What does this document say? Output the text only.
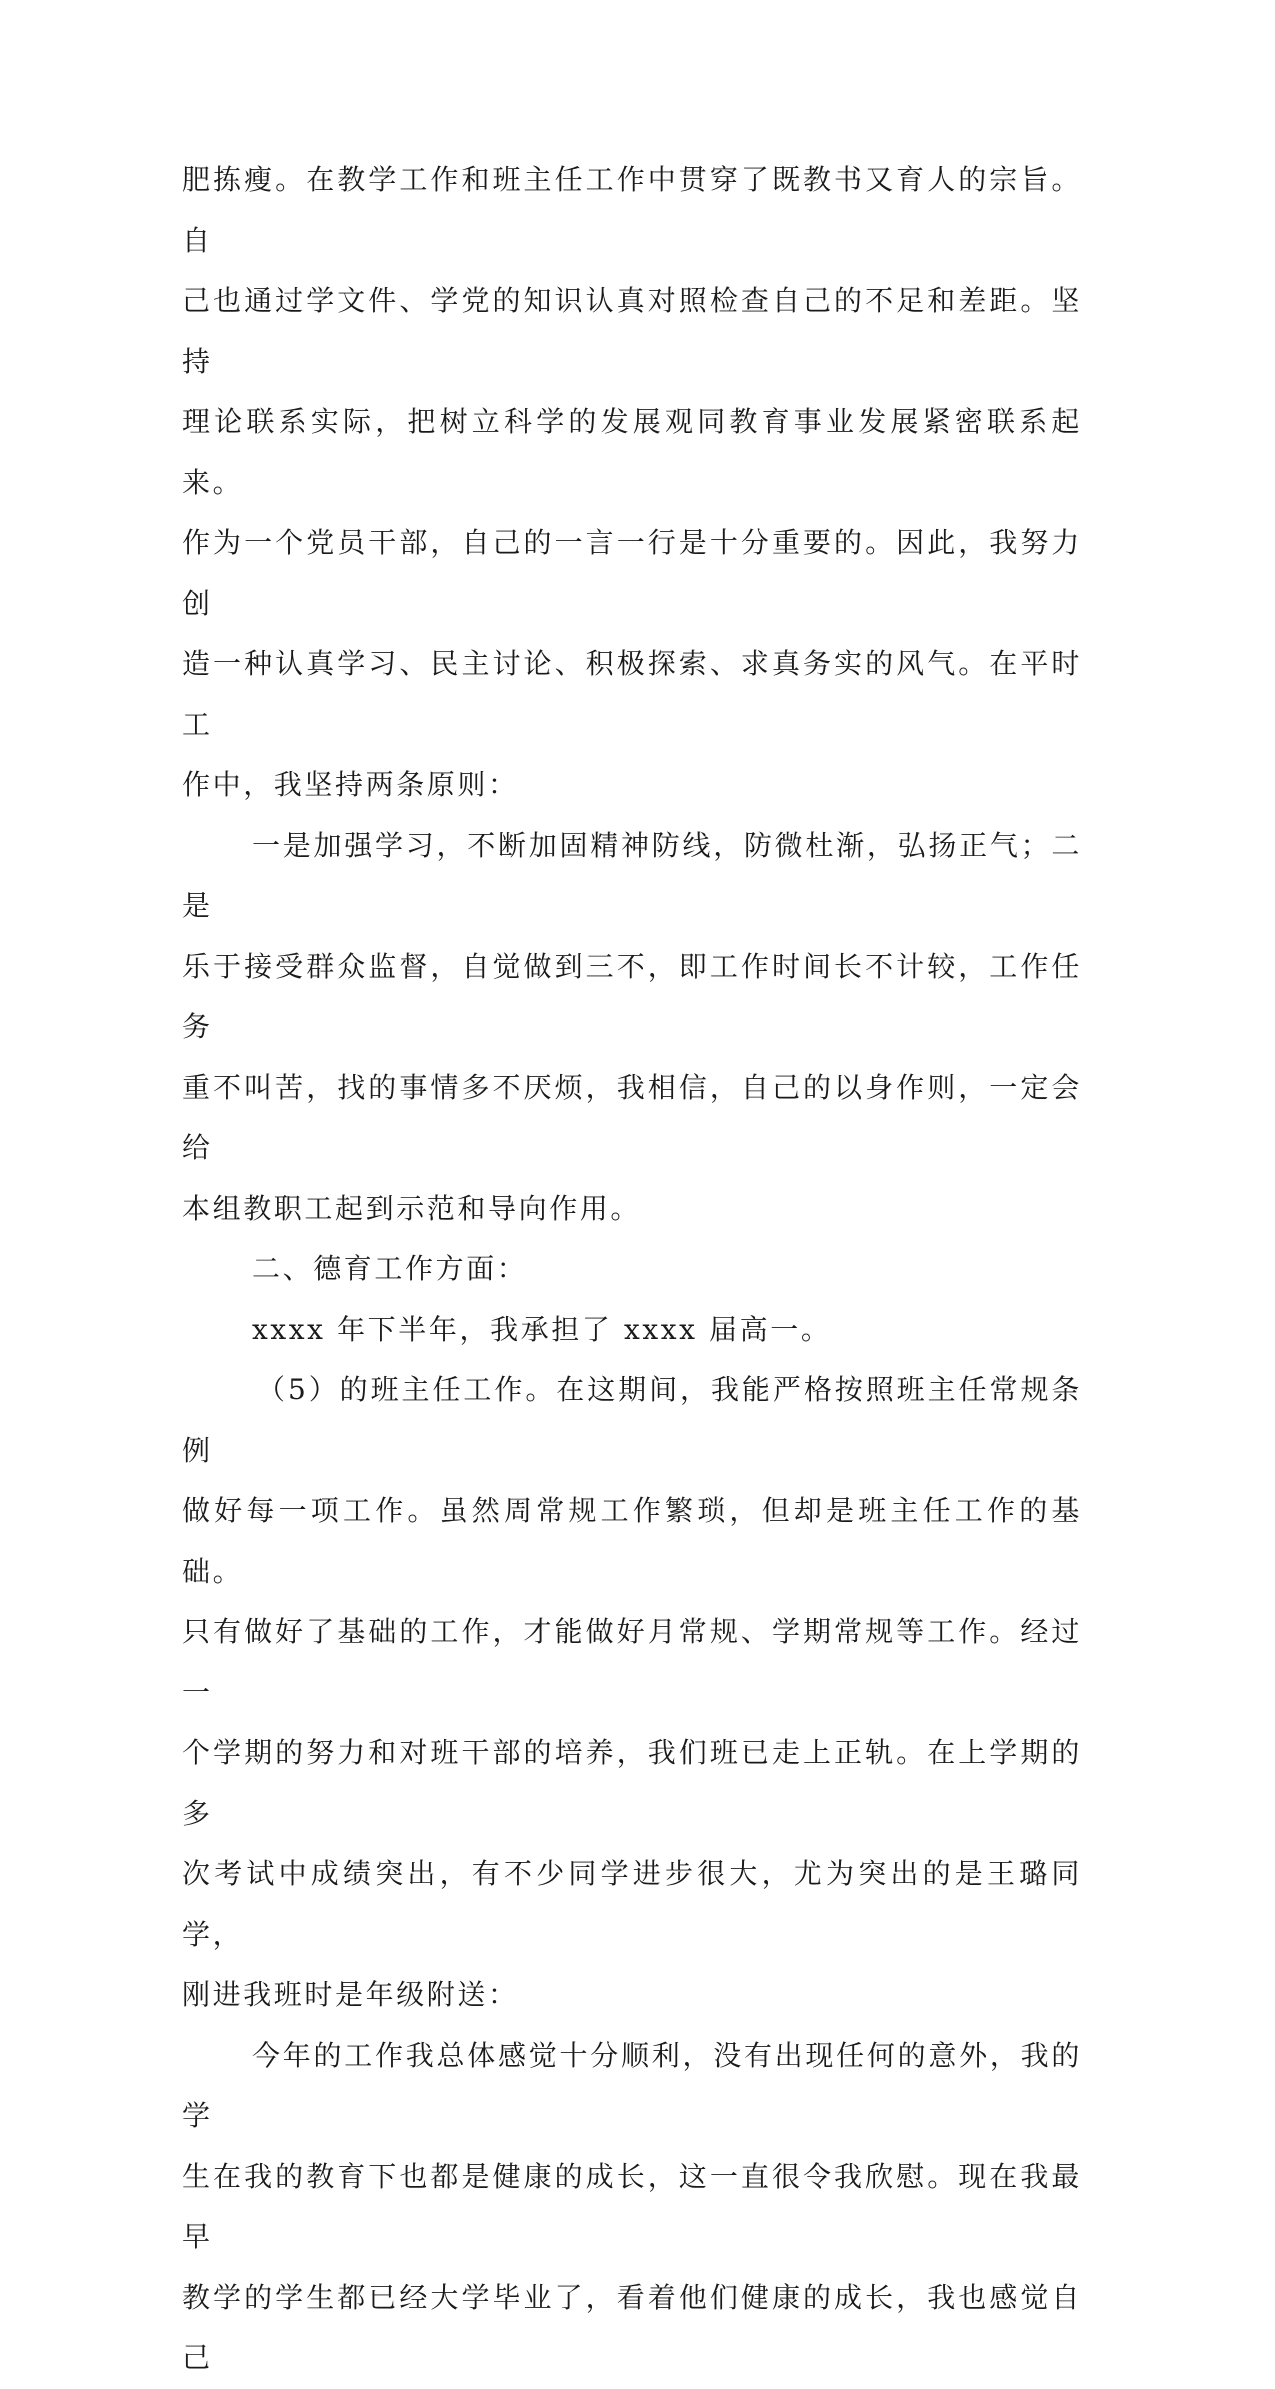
肥拣瘦。在教学工作和班主任工作中贯穿了既教书又育人的宗旨。自
己也通过学文件、学党的知识认真对照检查自己的不足和差距。坚持
理论联系实际，把树立科学的发展观同教育事业发展紧密联系起来。
作为一个党员干部，自己的一言一行是十分重要的。因此，我努力创
造一种认真学习、民主讨论、积极探索、求真务实的风气。在平时工
作中，我坚持两条原则：
一是加强学习，不断加固精神防线，防微杜渐，弘扬正气；二是
乐于接受群众监督，自觉做到三不，即工作时间长不计较，工作任务
重不叫苦，找的事情多不厌烦，我相信，自己的以身作则，一定会给
本组教职工起到示范和导向作用。
二、德育工作方面：
xxxx 年下半年，我承担了 xxxx 届高一。
（5）的班主任工作。在这期间，我能严格按照班主任常规条例
做好每一项工作。虽然周常规工作繁琐，但却是班主任工作的基础。
只有做好了基础的工作，才能做好月常规、学期常规等工作。经过一
个学期的努力和对班干部的培养，我们班已走上正轨。在上学期的多
次考试中成绩突出，有不少同学进步很大，尤为突出的是王璐同学，
刚进我班时是年级附送：
今年的工作我总体感觉十分顺利，没有出现任何的意外，我的学
生在我的教育下也都是健康的成长，这一直很令我欣慰。现在我最早
教学的学生都已经大学毕业了，看着他们健康的成长，我也感觉自己
